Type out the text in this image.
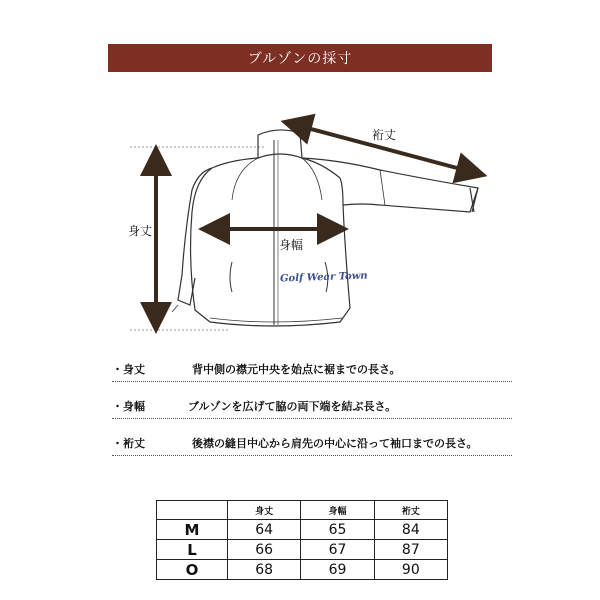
ブルゾンの採寸
身丈
身幅
裄丈
Golf Wear Town
・身丈	背中側の襟元中央を始点に裾までの長さ。
・身幅	ブルゾンを広げて脇の両下端を結ぶ長さ。
・裄丈	後襟の縫目中心から肩先の中心に沿って袖口までの長さ。
	身丈	身幅	裄丈
M	64	65	84
L	66	67	87
O	68	69	90
